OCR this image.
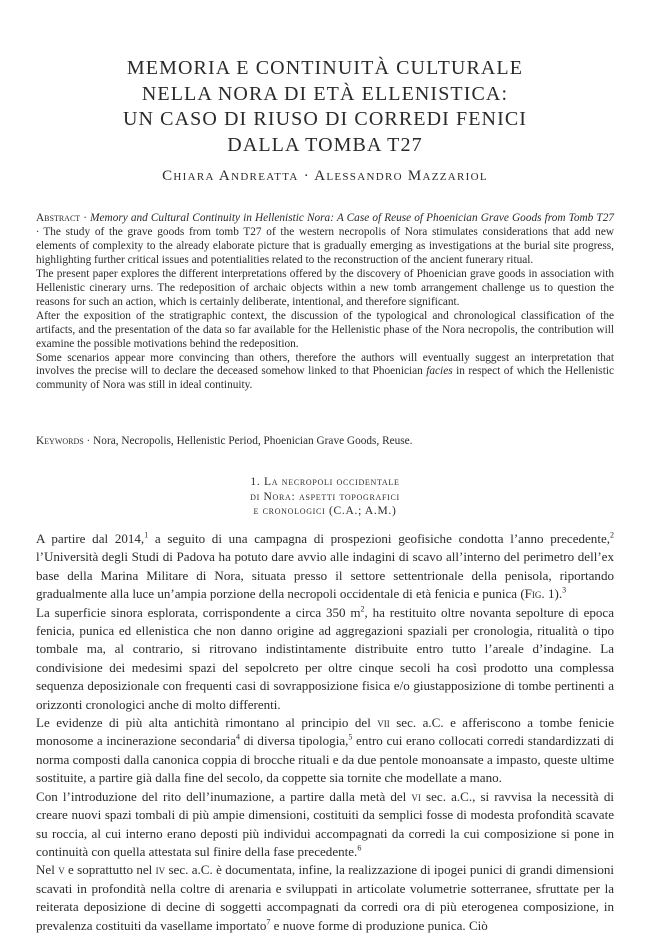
MEMORIA E CONTINUITÀ CULTURALE
NELLA NORA DI ETÀ ELLENISTICA:
UN CASO DI RIUSO DI CORREDI FENICI
DALLA TOMBA T27
Chiara Andreatta · Alessandro Mazzariol

Abstract · Memory and Cultural Continuity in Hellenistic Nora: A Case of Reuse of Phoenician Grave Goods from Tomb T27 · The study of the grave goods from tomb T27 of the western necropolis of Nora stimulates considerations that add new elements of complexity to the already elaborate picture that is gradually emerging as investigations at the burial site progress, highlighting further critical issues and potentialities related to the reconstruction of the ancient funerary ritual.

The present paper explores the different interpretations offered by the discovery of Phoenician grave goods in association with Hellenistic cinerary urns. The redeposition of archaic objects within a new tomb arrangement challenge us to question the reasons for such an action, which is certainly deliberate, intentional, and therefore significant.

After the exposition of the stratigraphic context, the discussion of the typological and chronological classification of the artifacts, and the presentation of the data so far available for the Hellenistic phase of the Nora necropolis, the contribution will examine the possible motivations behind the redeposition.

Some scenarios appear more convincing than others, therefore the authors will eventually suggest an interpretation that involves the precise will to declare the deceased somehow linked to that Phoenician facies in respect of which the Hellenistic community of Nora was still in ideal continuity.

Keywords · Nora, Necropolis, Hellenistic Period, Phoenician Grave Goods, Reuse.
1. La necropoli occidentale
di Nora: aspetti topografici
e cronologici (C.A.; A.M.)

A partire dal 2014,$^1$ a seguito di una campagna di prospezioni geofisiche condotta l’anno precedente,$^2$ l’Università degli Studi di Padova ha potuto dare avvio alle indagini di scavo all’interno del perimetro dell’ex base della Marina Militare di Nora, situata presso il settore settentrionale della penisola, riportando gradualmente alla luce un’ampia porzione della necropoli occidentale di età fenicia e punica (Fig. 1).$^3$

La superficie sinora esplorata, corrispondente a circa 350 $m^2$, ha restituito oltre novanta sepolture di epoca fenicia, punica ed ellenistica che non danno origine ad aggregazioni spaziali per cronologia, ritualità o tipo tombale ma, al contrario, si ritrovano indistintamente distribuite entro tutto l’areale d’indagine. La condivisione dei medesimi spazi del sepolcreto per oltre cinque secoli ha così prodotto una complessa sequenza deposizionale con frequenti casi di sovrapposizione fisica e/o giustapposizione di tombe pertinenti a orizzonti cronologici anche di molto differenti.

Le evidenze di più alta antichità rimontano al principio del vii sec. a.C. e afferiscono a tombe fenicie monosome a incinerazione secondaria$^4$ di diversa tipologia,$^5$ entro cui erano collocati corredi standardizzati di norma composti dalla canonica coppia di brocche rituali e da due pentole monoansate a impasto, queste ultime sostituite, a partire già dalla fine del secolo, da coppette sia tornite che modellate a mano.

Con l’introduzione del rito dell’inumazione, a partire dalla metà del vi sec. a.C., si ravvisa la necessità di creare nuovi spazi tombali di più ampie dimensioni, costituiti da semplici fosse di modesta profondità scavate su roccia, al cui interno erano deposti più individui accompagnati da corredi la cui composizione si pone in continuità con quella attestata sul finire della fase precedente.$^6$

Nel v e soprattutto nel iv sec. a.C. è documentata, infine, la realizzazione di ipogei punici di grandi dimensioni scavati in profondità nella coltre di arenaria e sviluppati in articolate volumetrie sotterranee, sfruttate per la reiterata deposizione di decine di soggetti accompagnati da corredi ora di più eterogenea composizione, in prevalenza costituiti da vasellame importato$^7$ e nuove forme di produzione punica. Ciò
